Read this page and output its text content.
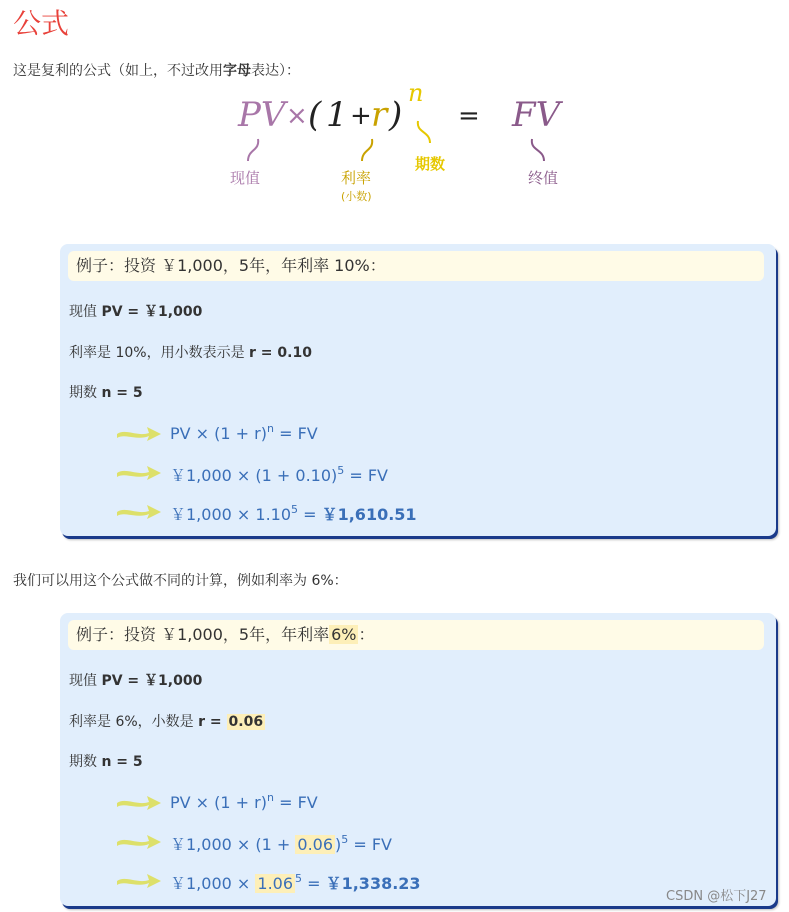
公式
这是复利的公式（如上，不过改用字母表达）：
PV × ( 1 + r )
n
= FV
现值	利率
(小数)
期数
终值
例子：投资 ￥1,000，5年，年利率 10%：
现值 PV = ￥1,000
利率是 10%，用小数表示是 r = 0.10
期数 n = 5
PV × $(1 + r)^n$ = FV
￥$1,000 \times (1 + 0.10)^5$ = FV
￥$1,000 \times 1.10^5$ = ￥1,610.51
我们可以用这个公式做不同的计算，例如利率为 6%：
例子：投资 ￥1,000，5年，年利率 6% ：
现值 PV = ￥1,000
利率是 6%，小数是 r = 0.06
期数 n = 5
PV × $(1 + r)^n$ = FV
￥1,000 × (1 + 0.06 )$^5$ = FV
￥1,000 × 1.06 $^5$ = ￥1,338.23
CSDN @松下J27
